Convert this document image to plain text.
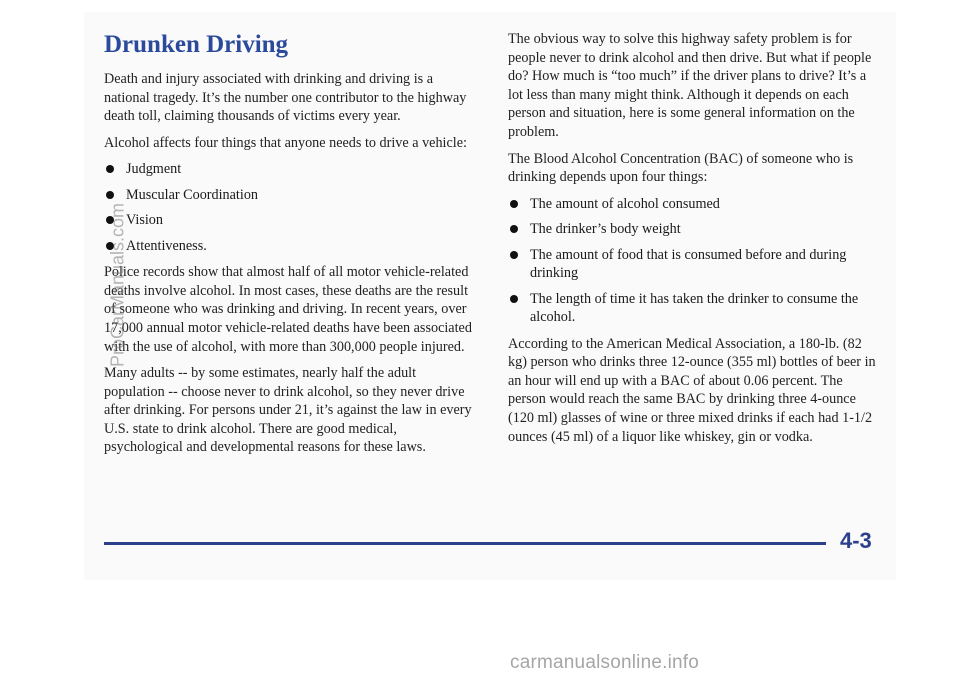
Drunken Driving

Death and injury associated with drinking and driving is a national tragedy. It’s the number one contributor to the highway death toll, claiming thousands of victims every year.

Alcohol affects four things that anyone needs to drive a vehicle:

Judgment
Muscular Coordination
Vision
Attentiveness.

Police records show that almost half of all motor vehicle-related deaths involve alcohol. In most cases, these deaths are the result of someone who was drinking and driving. In recent years, over 17,000 annual motor vehicle-related deaths have been associated with the use of alcohol, with more than 300,000 people injured.

Many adults -- by some estimates, nearly half the adult population -- choose never to drink alcohol, so they never drive after drinking. For persons under 21, it’s against the law in every U.S. state to drink alcohol. There are good medical, psychological and developmental reasons for these laws.

The obvious way to solve this highway safety problem is for people never to drink alcohol and then drive. But what if people do? How much is “too much” if the driver plans to drive? It’s a lot less than many might think. Although it depends on each person and situation, here is some general information on the problem.

The Blood Alcohol Concentration (BAC) of someone who is drinking depends upon four things:

The amount of alcohol consumed
The drinker’s body weight
The amount of food that is consumed before and during drinking
The length of time it has taken the drinker to consume the alcohol.

According to the American Medical Association, a 180-lb. (82 kg) person who drinks three 12-ounce (355 ml) bottles of beer in an hour will end up with a BAC of about 0.06 percent. The person would reach the same BAC by drinking three 4-ounce (120 ml) glasses of wine or three mixed drinks if each had 1-1/2 ounces (45 ml) of a liquor like whiskey, gin or vodka.

4-3
ProCarManuals.com
carmanualsonline.info
